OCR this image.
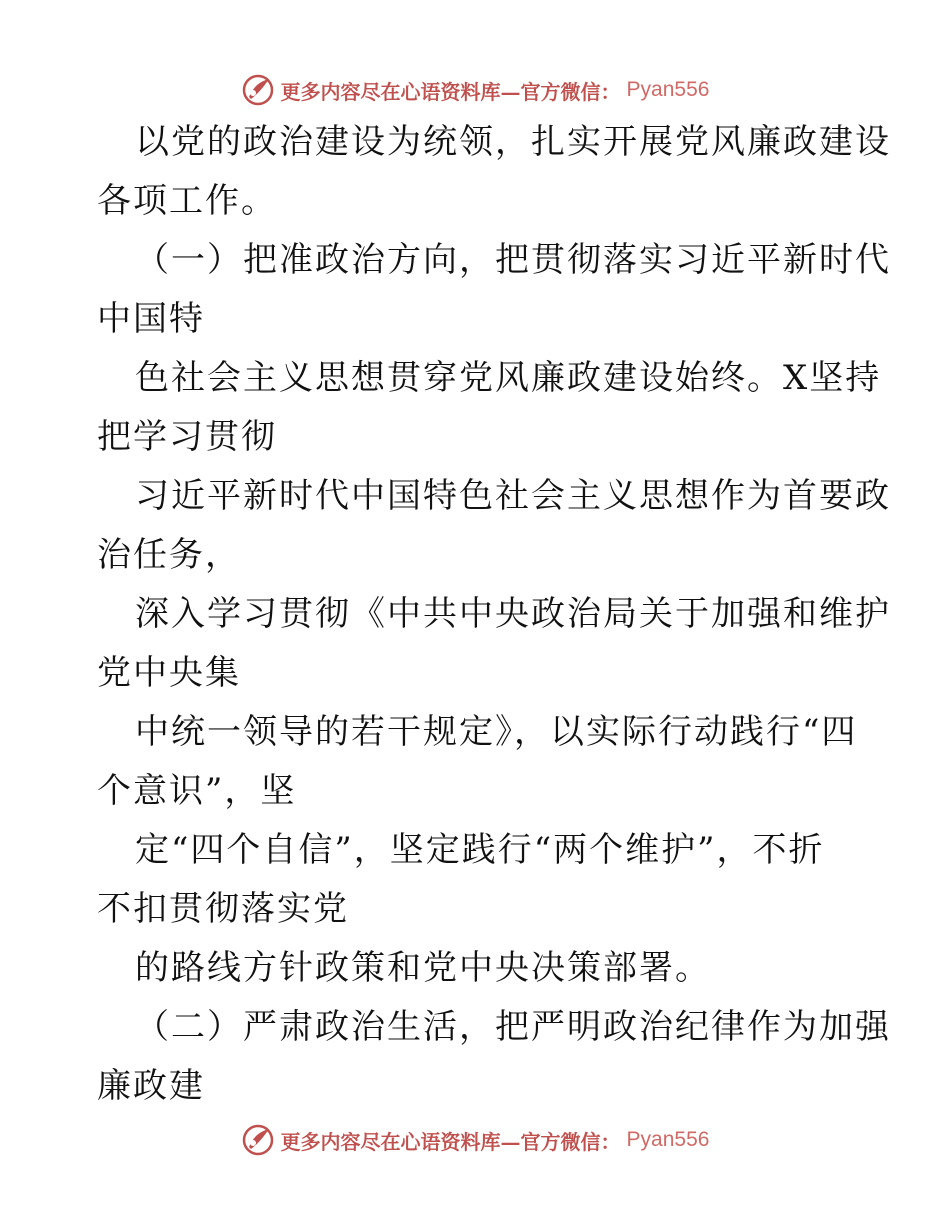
更多内容尽在心语资料库—官方微信： Pyan556
以党的政治建设为统领，扎实开展党风廉政建设
各项工作。
（一）把准政治方向，把贯彻落实习近平新时代
中国特
色社会主义思想贯穿党风廉政建设始终。X坚持
把学习贯彻
习近平新时代中国特色社会主义思想作为首要政
治任务，
深入学习贯彻《中共中央政治局关于加强和维护
党中央集
中统一领导的若干规定》，以实际行动践行“四
个意识”，坚
定“四个自信”，坚定践行“两个维护”，不折
不扣贯彻落实党
的路线方针政策和党中央决策部署。
（二）严肃政治生活，把严明政治纪律作为加强
廉政建
更多内容尽在心语资料库—官方微信： Pyan556
